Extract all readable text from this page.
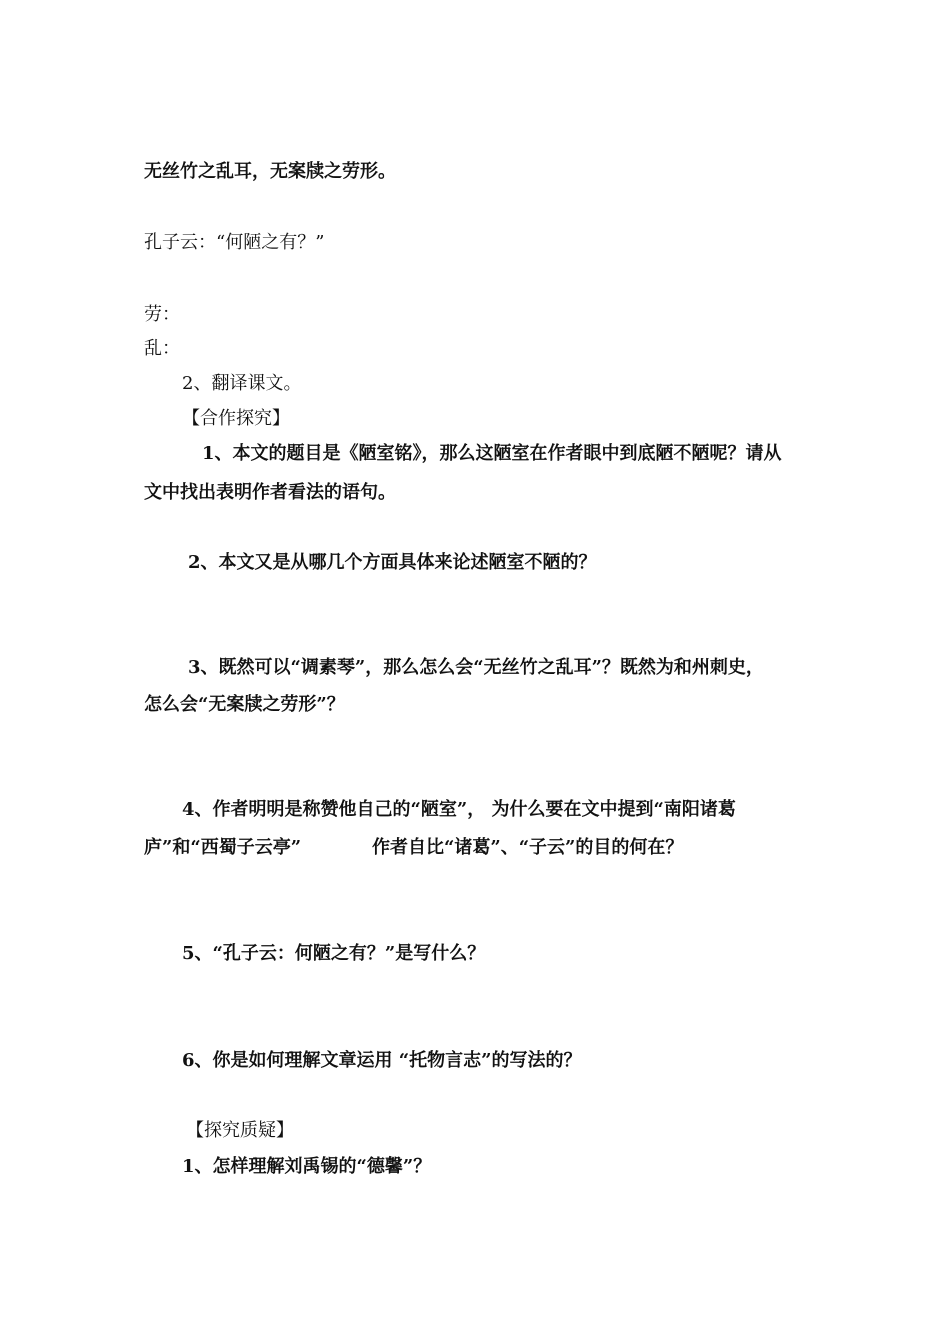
无丝竹之乱耳，无案牍之劳形。
孔子云：“何陋之有？”
劳：
乱：
2、翻译课文。
【合作探究】
1、本文的题目是《陋室铭》，那么这陋室在作者眼中到底陋不陋呢？请从
文中找出表明作者看法的语句。
2、本文又是从哪几个方面具体来论述陋室不陋的？
3、既然可以“调素琴”，那么怎么会“无丝竹之乱耳”？既然为和州刺史，
怎么会“无案牍之劳形”？
4、作者明明是称赞他自己的“陋室”， 为什么要在文中提到“南阳诸葛
庐”和“西蜀子云亭”	作者自比“诸葛”、“子云”的目的何在？
5、“孔子云：何陋之有？”是写什么？
6、你是如何理解文章运用 “托物言志”的写法的？
【探究质疑】
1、怎样理解刘禹锡的“德馨”？
